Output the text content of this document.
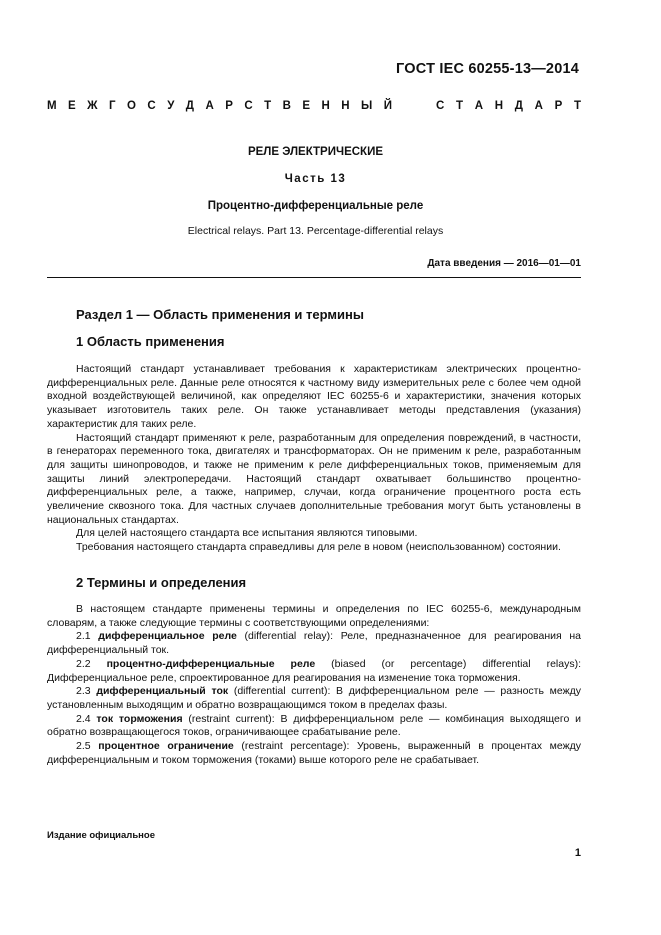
ГОСТ IEC 60255-13—2014
М Е Ж Г О С У Д А Р С Т В Е Н Н Ы Й	С Т А Н Д А Р Т
РЕЛЕ ЭЛЕКТРИЧЕСКИЕ
Часть 13
Процентно-дифференциальные реле
Electrical relays. Part 13. Percentage-differential relays
Дата введения — 2016—01—01
Раздел 1 — Область применения и термины
1 Область применения

Настоящий стандарт устанавливает требования к характеристикам электрических процентно-дифференциальных реле. Данные реле относятся к частному виду измерительных реле с более чем одной входной воздействующей величиной, как определяют IEC 60255-6 и характеристики, значения которых указывает изготовитель таких реле. Он также устанавливает методы представления (указания) характеристик для таких реле.

Настоящий стандарт применяют к реле, разработанным для определения повреждений, в частности, в генераторах переменного тока, двигателях и трансформаторах. Он не применим к реле, разработанным для защиты шинопроводов, и также не применим к реле дифференциальных токов, применяемым для защиты линий электропередачи. Настоящий стандарт охватывает большинство процентно-дифференциальных реле, а также, например, случаи, когда ограничение процентного роста есть увеличение сквозного тока. Для частных случаев дополнительные требования могут быть установлены в национальных стандартах.

Для целей настоящего стандарта все испытания являются типовыми.

Требования настоящего стандарта справедливы для реле в новом (неиспользованном) состоянии.

2 Термины и определения

В настоящем стандарте применены термины и определения по IEC 60255-6, международным словарям, а также следующие термины с соответствующими определениями:

2.1 дифференциальное реле (differential relay): Реле, предназначенное для реагирования на дифференциальный ток.

2.2 процентно-дифференциальные реле (biased (or percentage) differential relays): Дифференциальное реле, спроектированное для реагирования на изменение тока торможения.

2.3 дифференциальный ток (differential current): В дифференциальном реле — разность между установленным выходящим и обратно возвращающимся током в пределах фазы.

2.4 ток торможения (restraint current): В дифференциальном реле — комбинация выходящего и обратно возвращающегося токов, ограничивающее срабатывание реле.

2.5 процентное ограничение (restraint percentage): Уровень, выраженный в процентах между дифференциальным и током торможения (токами) выше которого реле не срабатывает.

Издание официальное
1
